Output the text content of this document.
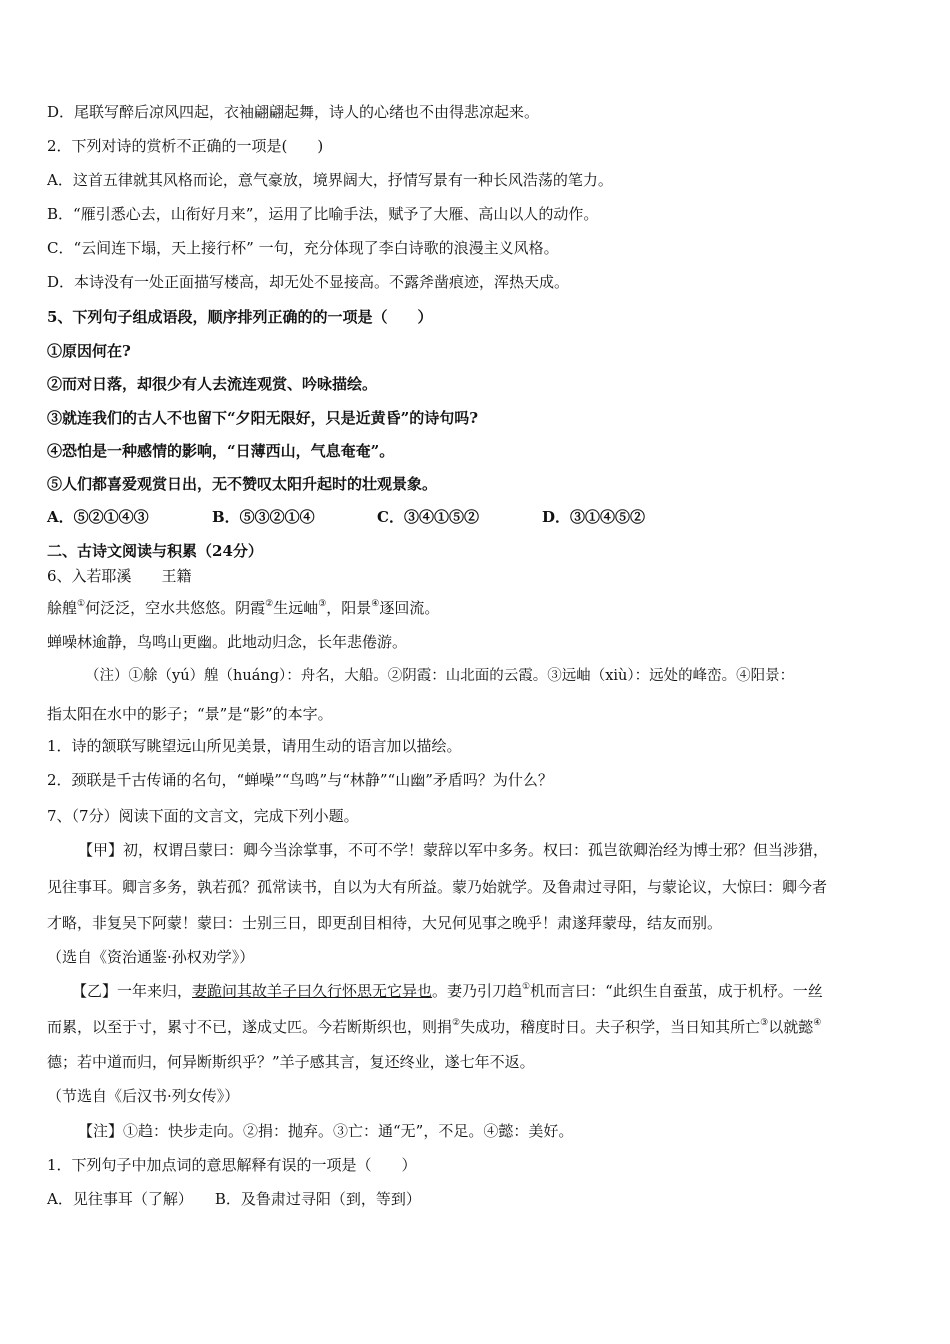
D．尾联写醉后凉风四起，衣袖翩翩起舞，诗人的心绪也不由得悲凉起来。
2．下列对诗的赏析不正确的一项是(　　)
A．这首五律就其风格而论，意气豪放，境界阔大，抒情写景有一种长风浩荡的笔力。
B．“雁引悉心去，山衔好月来”，运用了比喻手法，赋予了大雁、高山以人的动作。
C．“云间连下塌，天上接行杯” 一句，充分体现了李白诗歌的浪漫主义风格。
D．本诗没有一处正面描写楼高，却无处不显接高。不露斧凿痕迹，浑热天成。
5、下列句子组成语段，顺序排列正确的的一项是（　　）
①原因何在?
②而对日落，却很少有人去流连观赏、吟咏描绘。
③就连我们的古人不也留下“夕阳无限好，只是近黄昏”的诗句吗?
④恐怕是一种感情的影响，“日薄西山，气息奄奄”。
⑤人们都喜爱观赏日出，无不赞叹太阳升起时的壮观景象。
A．⑤②①④③	B．⑤③②①④	C．③④①⑤②	D．③①④⑤②
二、古诗文阅读与积累（24分）
6、入若耶溪　　王籍
艅艎①何泛泛，空水共悠悠。阴霞②生远岫③，阳景④逐回流。
蝉噪林逾静，鸟鸣山更幽。此地动归念，长年悲倦游。
（注）①艅（yú）艎（huáng）：舟名，大船。②阴霞：山北面的云霞。③远岫（xiù）：远处的峰峦。④阳景：
指太阳在水中的影子；“景”是“影”的本字。
1．诗的颔联写眺望远山所见美景，请用生动的语言加以描绘。
2．颈联是千古传诵的名句，“蝉噪”“鸟鸣”与“林静”“山幽”矛盾吗？为什么？
7、（7分）阅读下面的文言文，完成下列小题。
【甲】初，权谓吕蒙曰：卿今当涂掌事，不可不学！蒙辞以军中多务。权曰：孤岂欲卿治经为博士邪？但当涉猎，
见往事耳。卿言多务，孰若孤？孤常读书，自以为大有所益。蒙乃始就学。及鲁肃过寻阳，与蒙论议，大惊曰：卿今者
才略，非复吴下阿蒙！蒙曰：士别三日，即更刮目相待，大兄何见事之晚乎！肃遂拜蒙母，结友而别。
（选自《资治通鉴·孙权劝学》）
【乙】一年来归，妻跪问其故羊子曰久行怀思无它异也。妻乃引刀趋①机而言曰：“此织生自蚕茧，成于机杼。一丝
而累，以至于寸，累寸不已，遂成丈匹。今若断斯织也，则捐②失成功，稽度时日。夫子积学，当日知其所亡③以就懿④
德；若中道而归，何异断斯织乎？”羊子感其言，复还终业，遂七年不返。
（节选自《后汉书·列女传》）
【注】①趋：快步走向。②捐：抛弃。③亡：通“无”，不足。④懿：美好。
1．下列句子中加点词的意思解释有误的一项是（　　）
A．见往事耳（了解） B．及鲁肃过寻阳（到，等到）
